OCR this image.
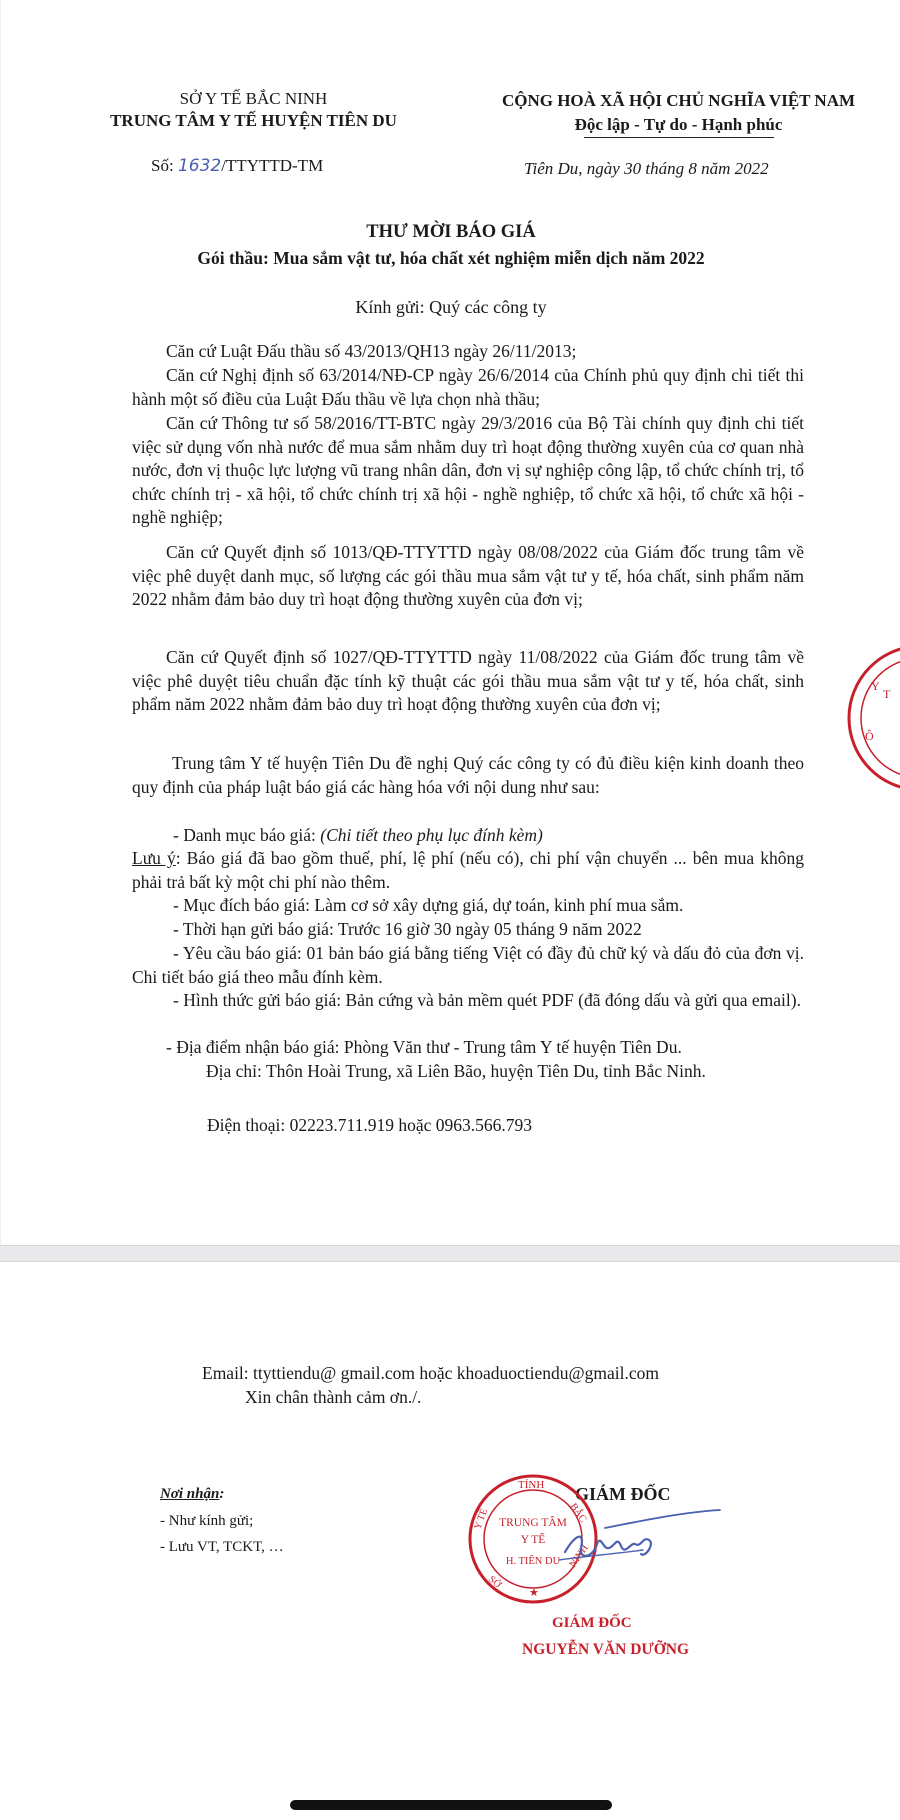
SỞ Y TẾ BẮC NINH
TRUNG TÂM Y TẾ HUYỆN TIÊN DU
CỘNG HOÀ XÃ HỘI CHỦ NGHĨA VIỆT NAM
Độc lập - Tự do - Hạnh phúc
Số: 1632/TTYTTD-TM	Tiên Du, ngày 30 tháng 8 năm 2022
THƯ MỜI BÁO GIÁ
Gói thầu: Mua sắm vật tư, hóa chất xét nghiệm miễn dịch năm 2022
Kính gửi: Quý các công ty
Căn cứ Luật Đấu thầu số 43/2013/QH13 ngày 26/11/2013;
Căn cứ Nghị định số 63/2014/NĐ-CP ngày 26/6/2014 của Chính phủ quy định chi tiết thi hành một số điều của Luật Đấu thầu về lựa chọn nhà thầu;
Căn cứ Thông tư số 58/2016/TT-BTC ngày 29/3/2016 của Bộ Tài chính quy định chi tiết việc sử dụng vốn nhà nước để mua sắm nhằm duy trì hoạt động thường xuyên của cơ quan nhà nước, đơn vị thuộc lực lượng vũ trang nhân dân, đơn vị sự nghiệp công lập, tổ chức chính trị, tổ chức chính trị - xã hội, tổ chức chính trị xã hội - nghề nghiệp, tổ chức xã hội, tổ chức xã hội - nghề nghiệp;
Căn cứ Quyết định số 1013/QĐ-TTYTTD ngày 08/08/2022 của Giám đốc trung tâm về việc phê duyệt danh mục, số lượng các gói thầu mua sắm vật tư y tế, hóa chất, sinh phẩm năm 2022 nhằm đảm bảo duy trì hoạt động thường xuyên của đơn vị;
Căn cứ Quyết định số 1027/QĐ-TTYTTD ngày 11/08/2022 của Giám đốc trung tâm về việc phê duyệt tiêu chuẩn đặc tính kỹ thuật các gói thầu mua sắm vật tư y tế, hóa chất, sinh phẩm năm 2022 nhằm đảm bảo duy trì hoạt động thường xuyên của đơn vị;
Trung tâm Y tế huyện Tiên Du đề nghị Quý các công ty có đủ điều kiện kinh doanh theo quy định của pháp luật báo giá các hàng hóa với nội dung như sau:
- Danh mục báo giá: (Chi tiết theo phụ lục đính kèm)
Lưu ý: Báo giá đã bao gồm thuế, phí, lệ phí (nếu có), chi phí vận chuyển ... bên mua không phải trả bất kỳ một chi phí nào thêm.
- Mục đích báo giá: Làm cơ sở xây dựng giá, dự toán, kinh phí mua sắm.
- Thời hạn gửi báo giá: Trước 16 giờ 30 ngày 05 tháng 9 năm 2022
- Yêu cầu báo giá: 01 bản báo giá bằng tiếng Việt có đầy đủ chữ ký và dấu đỏ của đơn vị. Chi tiết báo giá theo mẫu đính kèm.
- Hình thức gửi báo giá: Bản cứng và bản mềm quét PDF (đã đóng dấu và gửi qua email).
- Địa điểm nhận báo giá: Phòng Văn thư - Trung tâm Y tế huyện Tiên Du.
Địa chỉ: Thôn Hoài Trung, xã Liên Bão, huyện Tiên Du, tỉnh Bắc Ninh.
Điện thoại: 02223.711.919 hoặc 0963.566.793
Y
T
Ô
Email: ttyttiendu@ gmail.com hoặc khoaduoctiendu@gmail.com
Xin chân thành cảm ơn./.
Nơi nhận:
- Như kính gửi;
- Lưu VT, TCKT, …
GIÁM ĐỐC
TỈNH
BẮC
NINH
TRUNG TÂM
Y TẾ
H. TIÊN DU
Y TẾ
SỞ
★
GIÁM ĐỐC
NGUYỄN VĂN DƯỠNG
